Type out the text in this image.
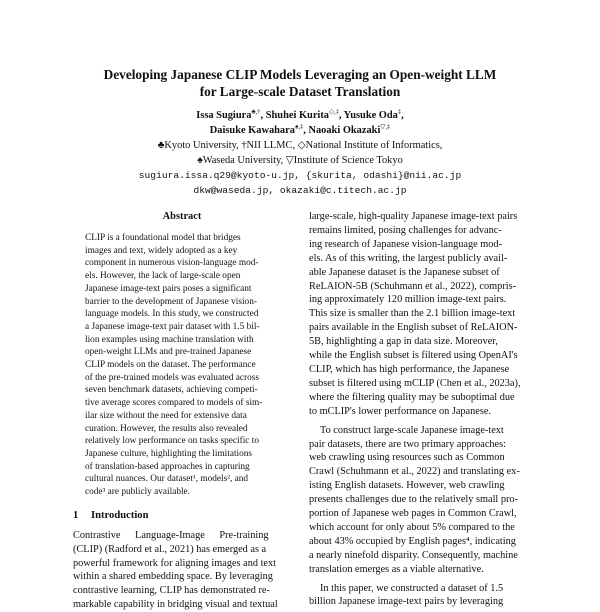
Developing Japanese CLIP Models Leveraging an Open-weight LLM
for Large-scale Dataset Translation
Issa Sugiura♣,†, Shuhei Kurita◇,‡, Yusuke Oda‡,
Daisuke Kawahara♠,‡, Naoaki Okazaki▽,‡
♣Kyoto University, †NII LLMC, ◇National Institute of Informatics,
♠Waseda University, ▽Institute of Science Tokyo
sugiura.issa.q29@kyoto-u.jp, {skurita, odashi}@nii.ac.jp
dkw@waseda.jp, okazaki@c.titech.ac.jp
Abstract
CLIP is a foundational model that bridges
images and text, widely adopted as a key
component in numerous vision-language mod-
els. However, the lack of large-scale open
Japanese image-text pairs poses a significant
barrier to the development of Japanese vision-
language models. In this study, we constructed
a Japanese image-text pair dataset with 1.5 bil-
lion examples using machine translation with
open-weight LLMs and pre-trained Japanese
CLIP models on the dataset. The performance
of the pre-trained models was evaluated across
seven benchmark datasets, achieving competi-
tive average scores compared to models of sim-
ilar size without the need for extensive data
curation. However, the results also revealed
relatively low performance on tasks specific to
Japanese culture, highlighting the limitations
of translation-based approaches in capturing
cultural nuances. Our dataset¹, models², and
code³ are publicly available.
1 Introduction
Contrastive Language-Image Pre-training
(CLIP) (Radford et al., 2021) has emerged as a
powerful framework for aligning images and text
within a shared embedding space. By leveraging
contrastive learning, CLIP has demonstrated re-
markable capability in bridging visual and textual
large-scale, high-quality Japanese image-text pairs
remains limited, posing challenges for advanc-
ing research of Japanese vision-language mod-
els. As of this writing, the largest publicly avail-
able Japanese dataset is the Japanese subset of
ReLAION-5B (Schuhmann et al., 2022), compris-
ing approximately 120 million image-text pairs.
This size is smaller than the 2.1 billion image-text
pairs available in the English subset of ReLAION-
5B, highlighting a gap in data size. Moreover,
while the English subset is filtered using OpenAI's
CLIP, which has high performance, the Japanese
subset is filtered using mCLIP (Chen et al., 2023a),
where the filtering quality may be suboptimal due
to mCLIP's lower performance on Japanese.
To construct large-scale Japanese image-text
pair datasets, there are two primary approaches:
web crawling using resources such as Common
Crawl (Schuhmann et al., 2022) and translating ex-
isting English datasets. However, web crawling
presents challenges due to the relatively small pro-
portion of Japanese web pages in Common Crawl,
which account for only about 5% compared to the
about 43% occupied by English pages⁴, indicating
a nearly ninefold disparity. Consequently, machine
translation emerges as a viable alternative.
In this paper, we constructed a dataset of 1.5
billion Japanese image-text pairs by leveraging
